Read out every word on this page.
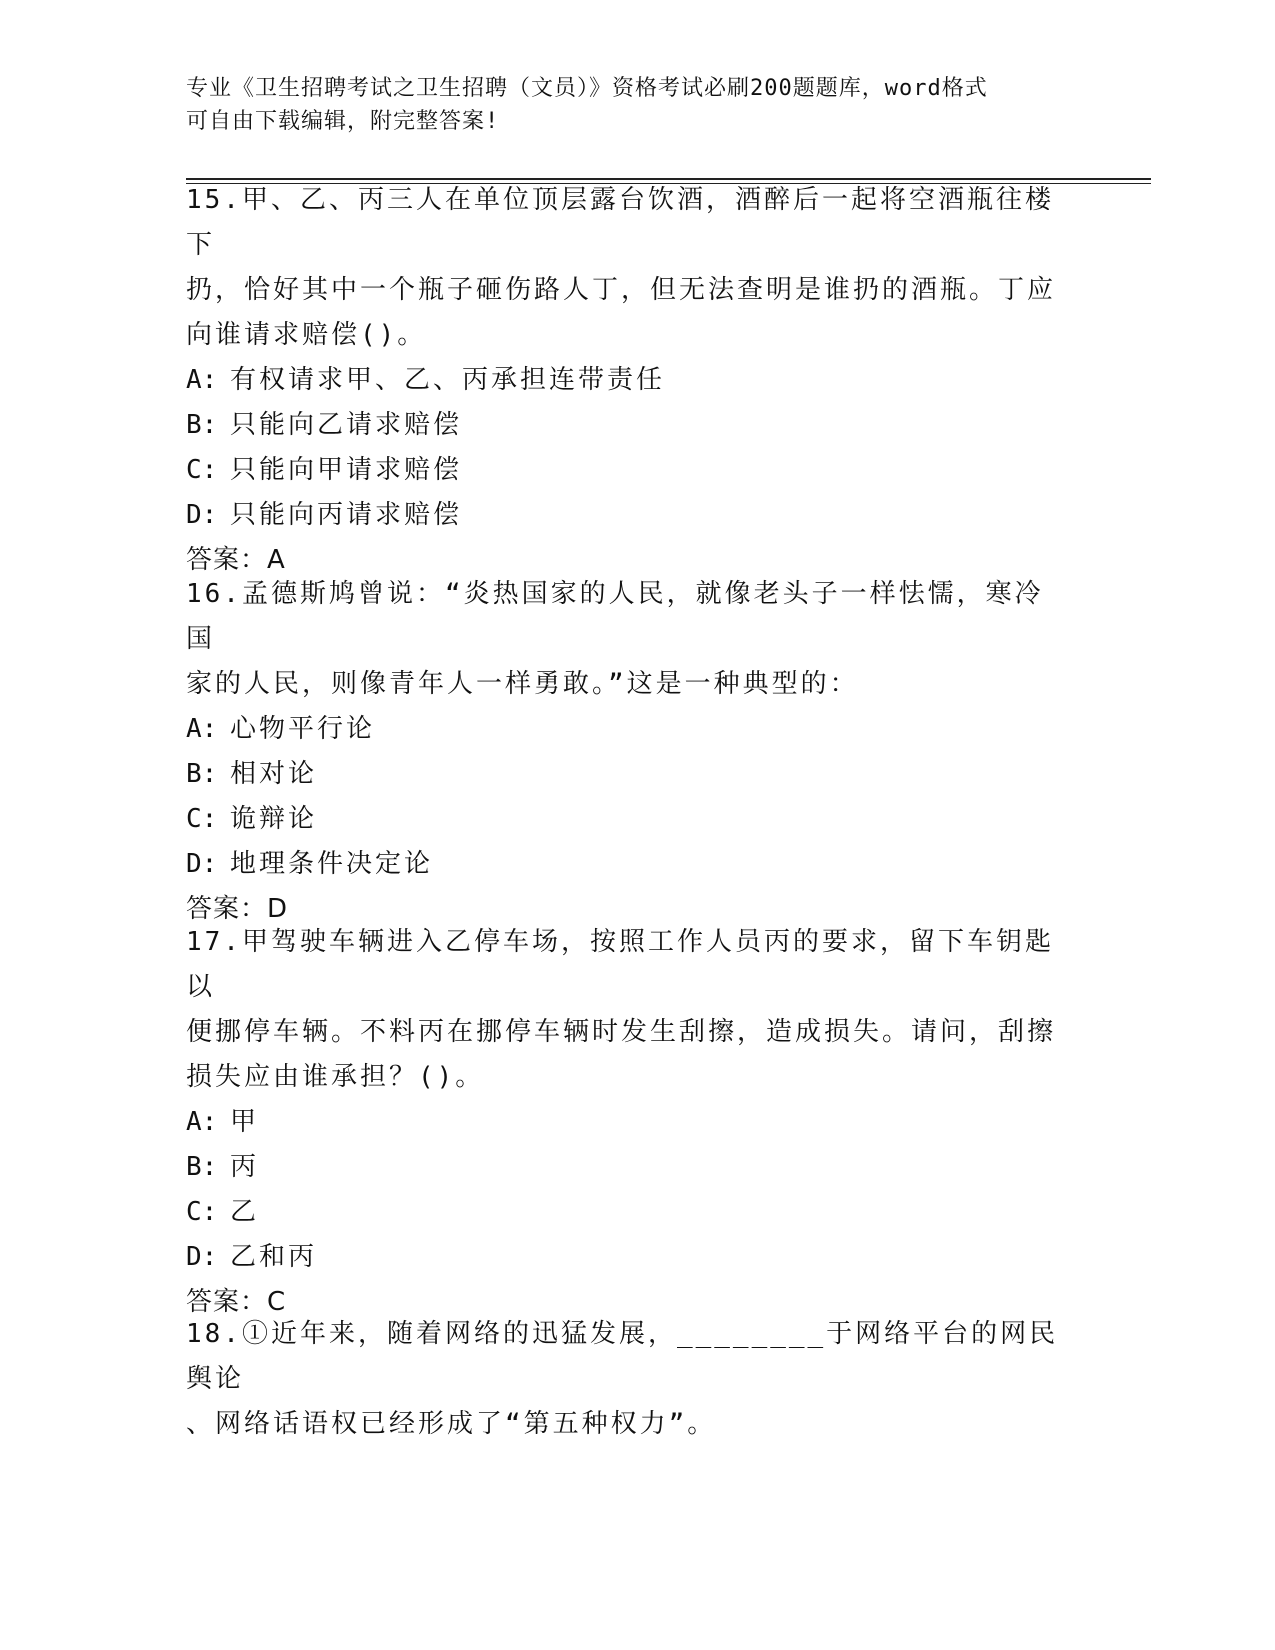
专业《卫生招聘考试之卫生招聘（文员）》资格考试必刷200题题库，word格式
可自由下载编辑，附完整答案!

15.甲、乙、丙三人在单位顶层露台饮酒，酒醉后一起将空酒瓶往楼下

扔，恰好其中一个瓶子砸伤路人丁，但无法查明是谁扔的酒瓶。丁应

向谁请求赔偿()。

A: 有权请求甲、乙、丙承担连带责任

B: 只能向乙请求赔偿

C: 只能向甲请求赔偿

D: 只能向丙请求赔偿

答案：A

16.孟德斯鸠曾说：“炎热国家的人民，就像老头子一样怯懦，寒冷国

家的人民，则像青年人一样勇敢。”这是一种典型的：

A: 心物平行论

B: 相对论

C: 诡辩论

D: 地理条件决定论

答案：D

17.甲驾驶车辆进入乙停车场，按照工作人员丙的要求，留下车钥匙以

便挪停车辆。不料丙在挪停车辆时发生刮擦，造成损失。请问，刮擦

损失应由谁承担？()。

A: 甲

B: 丙

C: 乙

D: 乙和丙

答案：C

18.①近年来，随着网络的迅猛发展，________于网络平台的网民舆论

、网络话语权已经形成了“第五种权力”。
